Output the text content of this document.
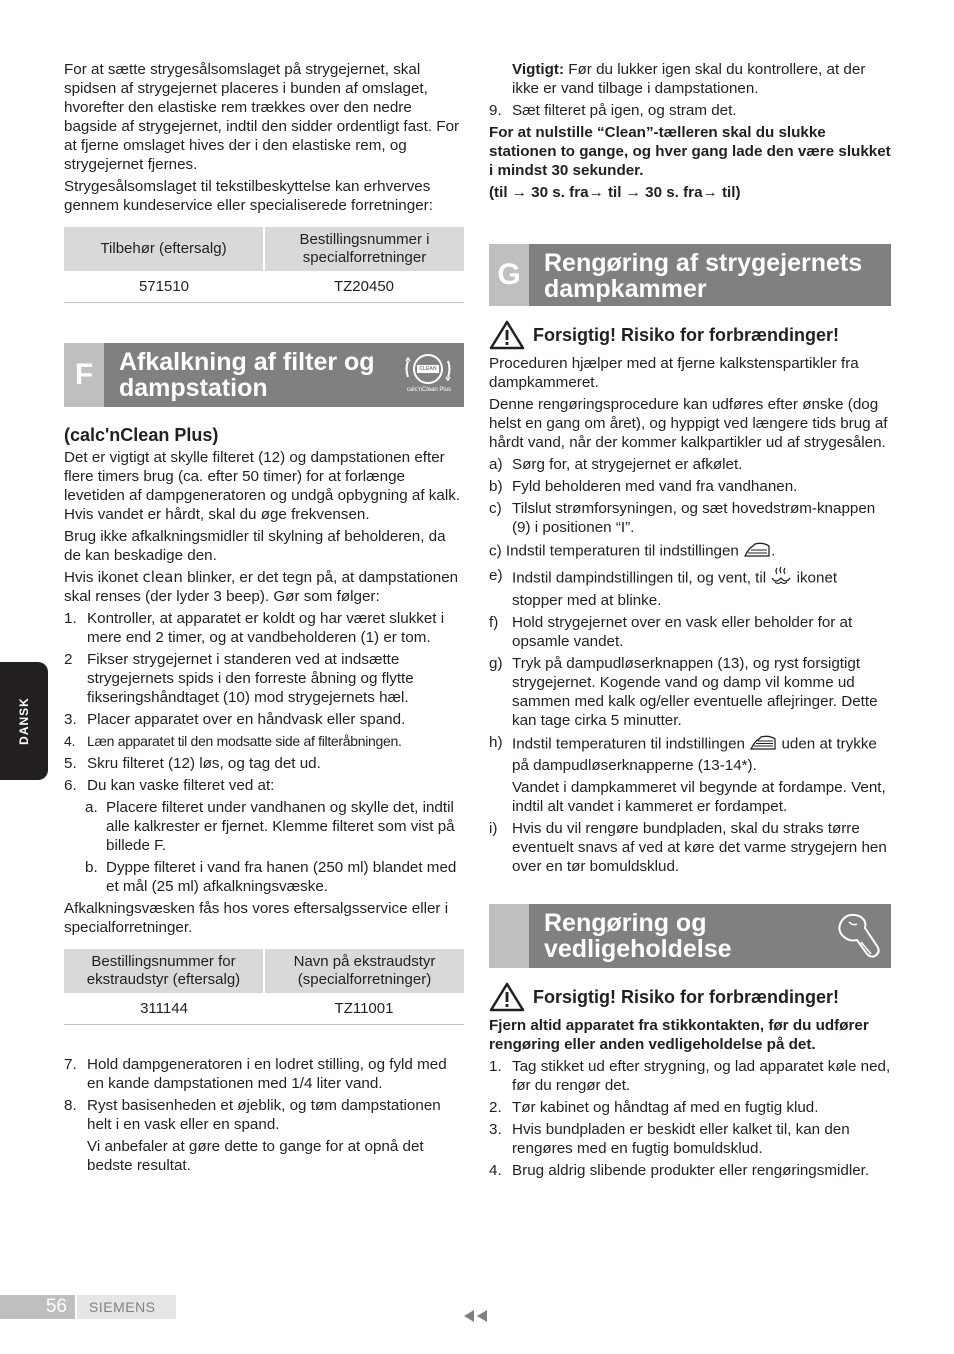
For at sætte strygesålsomslaget på strygejernet, skal spidsen af strygejernet placeres i bunden af omslaget, hvorefter den elastiske rem trækkes over den nedre bagside af strygejernet, indtil den sidder ordentligt fast. For at fjerne omslaget hives der i den elastiske rem, og strygejernet fjernes.

Strygesålsomslaget til tekstilbeskyttelse kan erhverves gennem kundeservice eller specialiserede forretninger:

Tilbehør (eftersalg)	Bestillingsnummer i specialforretninger
571510	TZ20450
F	Afkalkning af filter og dampstation
CLEAN
calc'nClean Plus
(calc'nClean Plus)

Det er vigtigt at skylle filteret (12) og dampstationen efter flere timers brug (ca. efter 50 timer) for at forlænge levetiden af dampgeneratoren og undgå opbygning af kalk. Hvis vandet er hårdt, skal du øge frekvensen.

Brug ikke afkalkningsmidler til skylning af beholderen, da de kan beskadige den.

Hvis ikonet clean blinker, er det tegn på, at dampstationen skal renses (der lyder 3 beep). Gør som følger:

1. Kontroller, at apparatet er koldt og har været slukket i mere end 2 timer, og at vandbeholderen (1) er tom.
2 Fikser strygejernet i standeren ved at indsætte strygejernets spids i den forreste åbning og flytte fikseringshåndtaget (10) mod strygejernets hæl.
3. Placer apparatet over en håndvask eller spand.
4. Læn apparatet til den modsatte side af filteråbningen.
5. Skru filteret (12) løs, og tag det ud.
6. Du kan vaske filteret ved at:
a. Placere filteret under vandhanen og skylle det, indtil alle kalkrester er fjernet. Klemme filteret som vist på billede F.
b. Dyppe filteret i vand fra hanen (250 ml) blandet med et mål (25 ml) afkalkningsvæske.

Afkalkningsvæsken fås hos vores eftersalgsservice eller i specialforretninger.

Bestillingsnummer for ekstraudstyr (eftersalg)	Navn på ekstraudstyr (specialforretninger)
311144	TZ11001
7. Hold dampgeneratoren i en lodret stilling, og fyld med en kande dampstationen med 1/4 liter vand.
8. Ryst basisenheden et øjeblik, og tøm dampstationen helt i en vask eller en spand.

Vi anbefaler at gøre dette to gange for at opnå det bedste resultat.

Vigtigt: Før du lukker igen skal du kontrollere, at der ikke er vand tilbage i dampstationen.

9. Sæt filteret på igen, og stram det.

For at nulstille “Clean”-tælleren skal du slukke stationen to gange, og hver gang lade den være slukket i mindst 30 sekunder.

(til → 30 s. fra→ til → 30 s. fra→ til)

G Rengøring af strygejernets dampkammer
Forsigtig! Risiko for forbrændinger!

Proceduren hjælper med at fjerne kalkstenspartikler fra dampkammeret.

Denne rengøringsprocedure kan udføres efter ønske (dog helst en gang om året), og hyppigt ved længere tids brug af hårdt vand, når der kommer kalkpartikler ud af strygesålen.

a) Sørg for, at strygejernet er afkølet.
b) Fyld beholderen med vand fra vandhanen.
c) Tilslut strømforsyningen, og sæt hovedstrøm-knappen (9) i positionen “I”.

c) Indstil temperaturen til indstillingen .

e) Indstil dampindstillingen til, og vent, til ikonet stopper med at blinke.
f) Hold strygejernet over en vask eller beholder for at opsamle vandet.
g) Tryk på dampudløserknappen (13), og ryst forsigtigt strygejernet. Kogende vand og damp vil komme ud sammen med kalk og/eller eventuelle aflejringer. Dette kan tage cirka 5 minutter.
h) Indstil temperaturen til indstillingen uden at trykke på dampudløserknapperne (13-14*).

Vandet i dampkammeret vil begynde at fordampe. Vent, indtil alt vandet i kammeret er fordampet.

i) Hvis du vil rengøre bundpladen, skal du straks tørre eventuelt snavs af ved at køre det varme strygejern hen over en tør bomuldsklud.
Rengøring og vedligeholdelse
Forsigtig! Risiko for forbrændinger!

Fjern altid apparatet fra stikkontakten, før du udfører rengøring eller anden vedligeholdelse på det.

1. Tag stikket ud efter strygning, og lad apparatet køle ned, før du rengør det.
2. Tør kabinet og håndtag af med en fugtig klud.
3. Hvis bundpladen er beskidt eller kalket til, kan den rengøres med en fugtig bomuldsklud.
4. Brug aldrig slibende produkter eller rengøringsmidler.
DANSK
56	SIEMENS
